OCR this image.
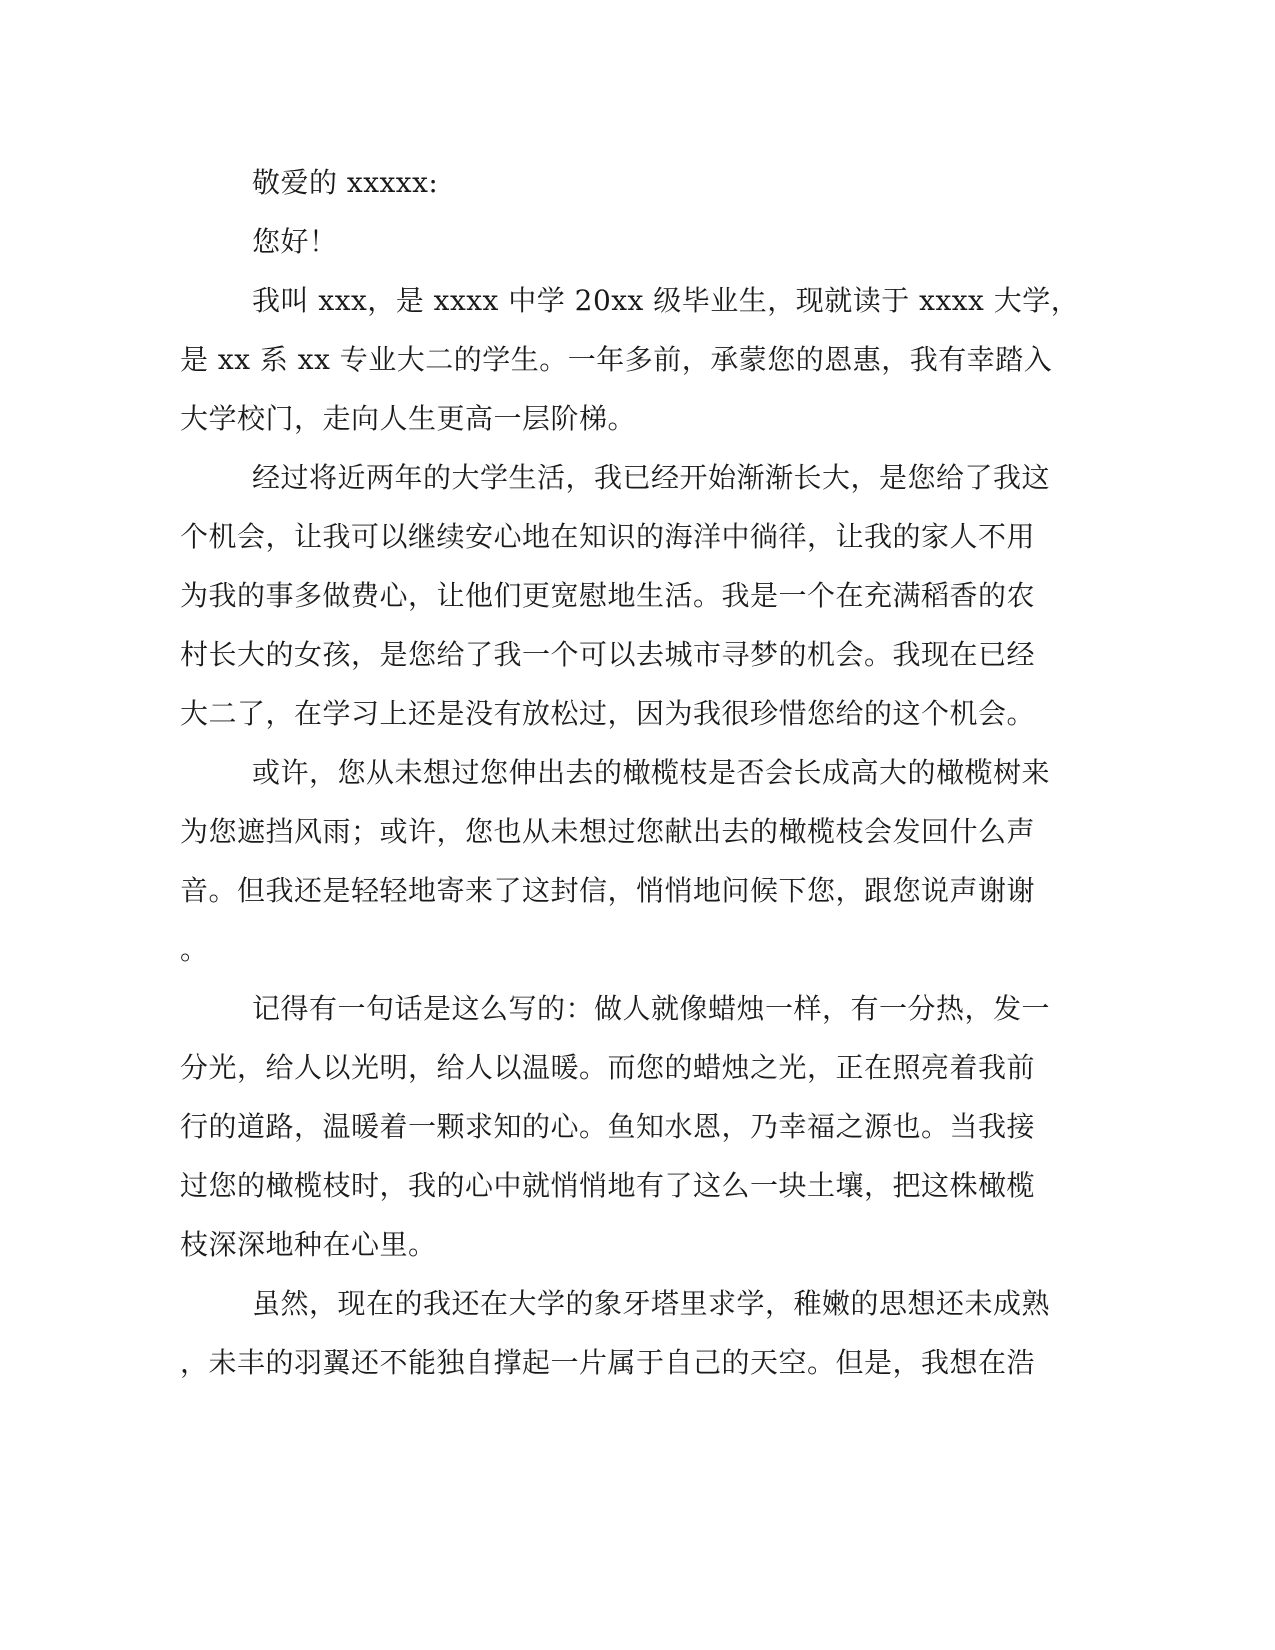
敬爱的 xxxxx:
您好！
我叫 xxx，是 xxxx 中学 20xx 级毕业生，现就读于 xxxx 大学，
是 xx 系 xx 专业大二的学生。一年多前，承蒙您的恩惠，我有幸踏入
大学校门，走向人生更高一层阶梯。
经过将近两年的大学生活，我已经开始渐渐长大，是您给了我这
个机会，让我可以继续安心地在知识的海洋中徜徉，让我的家人不用
为我的事多做费心，让他们更宽慰地生活。我是一个在充满稻香的农
村长大的女孩，是您给了我一个可以去城市寻梦的机会。我现在已经
大二了，在学习上还是没有放松过，因为我很珍惜您给的这个机会。
或许，您从未想过您伸出去的橄榄枝是否会长成高大的橄榄树来
为您遮挡风雨；或许，您也从未想过您献出去的橄榄枝会发回什么声
音。但我还是轻轻地寄来了这封信，悄悄地问候下您，跟您说声谢谢
。
记得有一句话是这么写的：做人就像蜡烛一样，有一分热，发一
分光，给人以光明，给人以温暖。而您的蜡烛之光，正在照亮着我前
行的道路，温暖着一颗求知的心。鱼知水恩，乃幸福之源也。当我接
过您的橄榄枝时，我的心中就悄悄地有了这么一块土壤，把这株橄榄
枝深深地种在心里。
虽然，现在的我还在大学的象牙塔里求学，稚嫩的思想还未成熟
，未丰的羽翼还不能独自撑起一片属于自己的天空。但是，我想在浩
